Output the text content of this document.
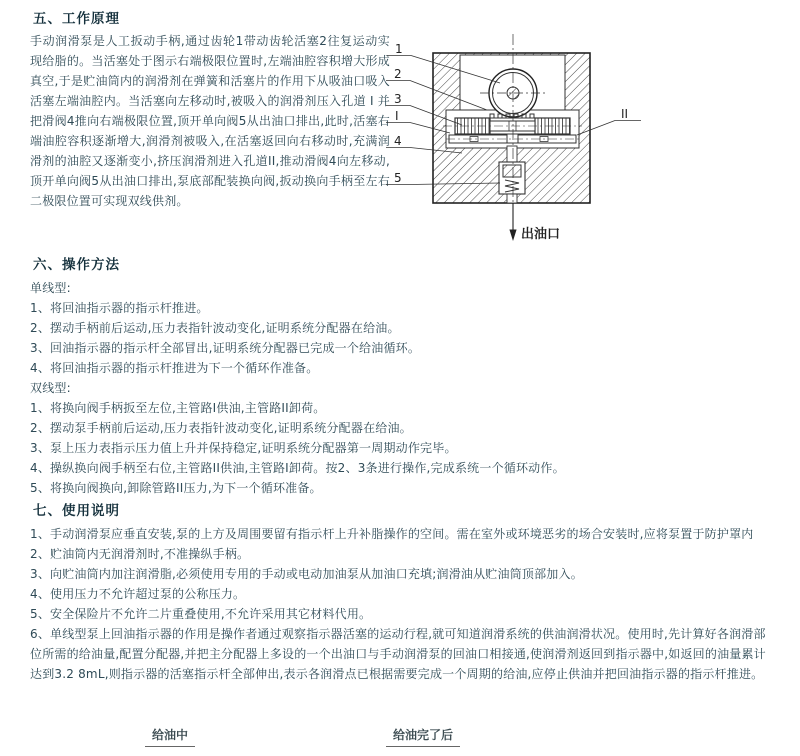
五、工作原理
手动润滑泵是人工扳动手柄,通过齿轮1带动齿轮活塞2往复运动实现给脂的。当活塞处于图示右端极限位置时,左端油腔容积增大形成真空,于是贮油筒内的润滑剂在弹簧和活塞片的作用下从吸油口吸入活塞左端油腔内。当活塞向左移动时,被吸入的润滑剂压入孔道 I 并把滑阀4推向右端极限位置,顶开单向阀5从出油口排出,此时,活塞右端油腔容积逐渐增大,润滑剂被吸入,在活塞返回向右移动时,充满润滑剂的油腔又逐渐变小,挤压润滑剂进入孔道II,推动滑阀4向左移动,顶开单向阀5从出油口排出,泵底部配装换向阀,扳动换向手柄至左右二极限位置可实现双线供剂。
出油口
1
2
3
I
4
5
II
六、操作方法
单线型:
1、将回油指示器的指示杆推进。
2、摆动手柄前后运动,压力表指针波动变化,证明系统分配器在给油。
3、回油指示器的指示杆全部冒出,证明系统分配器已完成一个给油循环。
4、将回油指示器的指示杆推进为下一个循环作准备。
双线型:
1、将换向阀手柄扳至左位,主管路I供油,主管路II卸荷。
2、摆动泵手柄前后运动,压力表指针波动变化,证明系统分配器在给油。
3、泵上压力表指示压力值上升并保持稳定,证明系统分配器第一周期动作完毕。
4、操纵换向阀手柄至右位,主管路II供油,主管路I卸荷。按2、3条进行操作,完成系统一个循环动作。
5、将换向阀换向,卸除管路II压力,为下一个循环准备。
七、使用说明

1、手动润滑泵应垂直安装,泵的上方及周围要留有指示杆上升补脂操作的空间。需在室外或环境恶劣的场合安装时,应将泵置于防护罩内

2、贮油筒内无润滑剂时,不准操纵手柄。

3、向贮油筒内加注润滑脂,必须使用专用的手动或电动加油泵从加油口充填;润滑油从贮油筒顶部加入。

4、使用压力不允许超过泵的公称压力。

5、安全保险片不允许二片重叠使用,不允许采用其它材料代用。

6、单线型泵上回油指示器的作用是操作者通过观察指示器活塞的运动行程,就可知道润滑系统的供油润滑状况。使用时,先计算好各润滑部位所需的给油量,配置分配器,并把主分配器上多设的一个出油口与手动润滑泵的回油口相接通,使润滑剂返回到指示器中,如返回的油量累计达到3.2 8mL,则指示器的活塞指示杆全部伸出,表示各润滑点已根据需要完成一个周期的给油,应停止供油并把回油指示器的指示杆推进。

给油中	给油完了后
